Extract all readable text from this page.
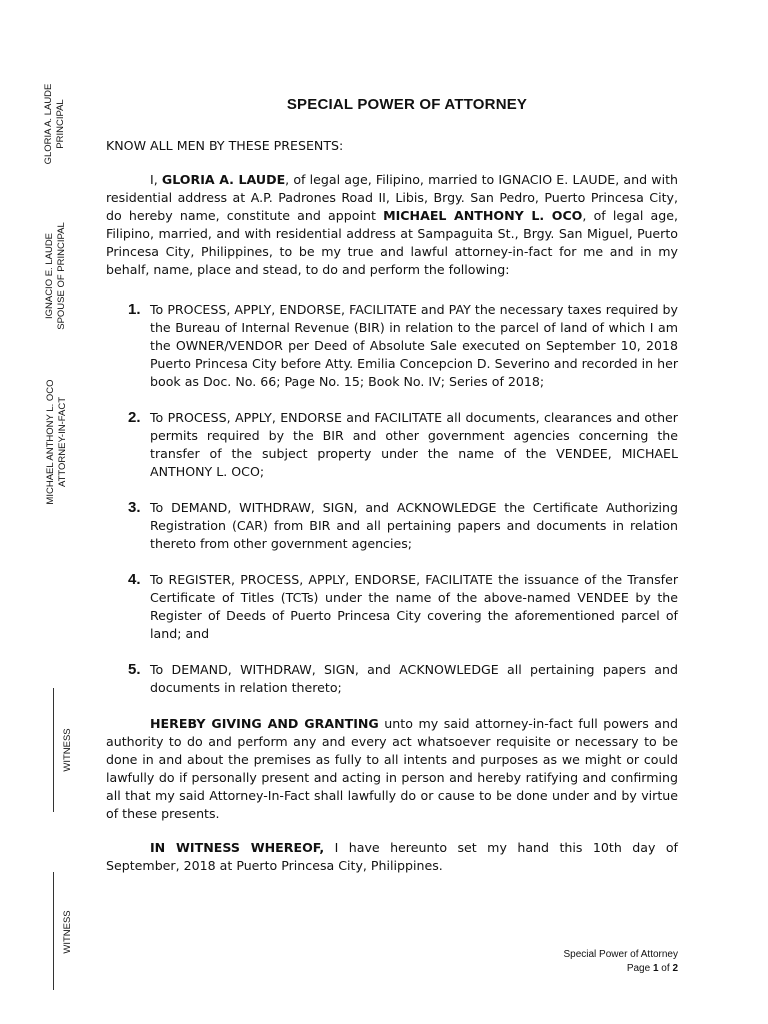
GLORIA A. LAUDE PRINCIPAL
IGNACIO E. LAUDE SPOUSE OF PRINCIPAL
MICHAEL ANTHONY L. OCO ATTORNEY-IN-FACT
WITNESS
WITNESS
SPECIAL POWER OF ATTORNEY

KNOW ALL MEN BY THESE PRESENTS:

I, GLORIA A. LAUDE, of legal age, Filipino, married to IGNACIO E. LAUDE, and with residential address at A.P. Padrones Road II, Libis, Brgy. San Pedro, Puerto Princesa City, do hereby name, constitute and appoint MICHAEL ANTHONY L. OCO, of legal age, Filipino, married, and with residential address at Sampaguita St., Brgy. San Miguel, Puerto Princesa City, Philippines, to be my true and lawful attorney-in-fact for me and in my behalf, name, place and stead, to do and perform the following:

1. To PROCESS, APPLY, ENDORSE, FACILITATE and PAY the necessary taxes required by the Bureau of Internal Revenue (BIR) in relation to the parcel of land of which I am the OWNER/VENDOR per Deed of Absolute Sale executed on September 10, 2018 Puerto Princesa City before Atty. Emilia Concepcion D. Severino and recorded in her book as Doc. No. 66; Page No. 15; Book No. IV; Series of 2018;
2. To PROCESS, APPLY, ENDORSE and FACILITATE all documents, clearances and other permits required by the BIR and other government agencies concerning the transfer of the subject property under the name of the VENDEE, MICHAEL ANTHONY L. OCO;
3. To DEMAND, WITHDRAW, SIGN, and ACKNOWLEDGE the Certificate Authorizing Registration (CAR) from BIR and all pertaining papers and documents in relation thereto from other government agencies;
4. To REGISTER, PROCESS, APPLY, ENDORSE, FACILITATE the issuance of the Transfer Certificate of Titles (TCTs) under the name of the above-named VENDEE by the Register of Deeds of Puerto Princesa City covering the aforementioned parcel of land; and
5. To DEMAND, WITHDRAW, SIGN, and ACKNOWLEDGE all pertaining papers and documents in relation thereto;

HEREBY GIVING AND GRANTING unto my said attorney-in-fact full powers and authority to do and perform any and every act whatsoever requisite or necessary to be done in and about the premises as fully to all intents and purposes as we might or could lawfully do if personally present and acting in person and hereby ratifying and confirming all that my said Attorney-In-Fact shall lawfully do or cause to be done under and by virtue of these presents.

IN WITNESS WHEREOF, I have hereunto set my hand this 10th day of September, 2018 at Puerto Princesa City, Philippines.

Special Power of Attorney
Page 1 of 2
